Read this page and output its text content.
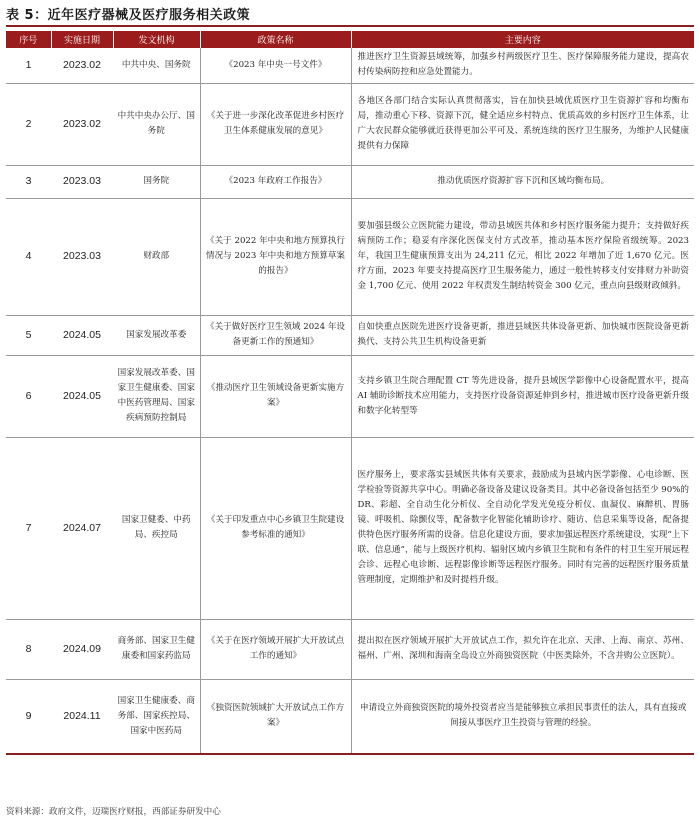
表 5：近年医疗器械及医疗服务相关政策
序号	实施日期	发文机构	政策名称	主要内容
1	2023.02	中共中央、国务院	《2023 年中央一号文件》	推进医疗卫生资源县域统筹，加强乡村两级医疗卫生、医疗保障服务能力建设，提高农村传染病防控和应急处置能力。
2	2023.02	中共中央办公厅、国务院	《关于进一步深化改革促进乡村医疗卫生体系健康发展的意见》	各地区各部门结合实际认真贯彻落实，旨在加快县域优质医疗卫生资源扩容和均衡布局，推动重心下移、资源下沉，健全适应乡村特点、优质高效的乡村医疗卫生体系，让广大农民群众能够就近获得更加公平可及、系统连续的医疗卫生服务，为维护人民健康提供有力保障
3	2023.03	国务院	《2023 年政府工作报告》	推动优质医疗资源扩容下沉和区域均衡布局。
4	2023.03	财政部	《关于 2022 年中央和地方预算执行情况与 2023 年中央和地方预算草案的报告》	要加强县级公立医院能力建设，带动县域医共体和乡村医疗服务能力提升；支持做好疾病预防工作；稳妥有序深化医保支付方式改革，推动基本医疗保险省级统筹。2023 年，我国卫生健康预算支出为 24,211 亿元，相比 2022 年增加了近 1,670 亿元。医疗方面，2023 年要支持提高医疗卫生服务能力，通过一般性转移支付安排财力补助资金 1,700 亿元、使用 2022 年权责发生制结转资金 300 亿元，重点向县级财政倾斜。
5	2024.05	国家发展改革委	《关于做好医疗卫生领域 2024 年设备更新工作的预通知》	自如快重点医院先进医疗设备更新，推进县域医共体设备更新、加快城市医院设备更新换代、支持公共卫生机构设备更新
6	2024.05	国家发展改革委、国家卫生健康委、国家中医药管理局、国家疾病预防控制局	《推动医疗卫生领域设备更新实施方案》	支持乡镇卫生院合理配置 CT 等先进设备，提升县域医学影像中心设备配置水平，提高 AI 辅助诊断技术应用能力，支持医疗设备资源延伸到乡村，推进城市医疗设备更新升级和数字化转型等
7	2024.07	国家卫健委、中药局、疾控局	《关于印发重点中心乡镇卫生院建设参考标准的通知》	医疗服务上，要求落实县域医共体有关要求，鼓励成为县域内医学影像、心电诊断、医学检验等资源共享中心。明确必备设备及建议设备类目。其中必备设备包括至少 90%的 DR、彩超、全自动生化分析仪、全自动化学发光免疫分析仪、血凝仪、麻醉机、胃肠镜、呼吸机、除颤仪等，配备数字化智能化辅助诊疗、随访、信息采集等设备，配备提供特色医疗服务所需的设备。信息化建设方面，要求加强远程医疗系统建设，实现“上下联、信息通”，能与上级医疗机构、辐射区域内乡镇卫生院和有条件的村卫生室开展远程会诊、远程心电诊断、远程影像诊断等远程医疗服务。同时有完善的远程医疗服务质量管理制度，定期维护和及时提档升级。
8	2024.09	商务部、国家卫生健康委和国家药监局	《关于在医疗领域开展扩大开放试点工作的通知》	提出拟在医疗领域开展扩大开放试点工作，拟允许在北京、天津、上海、南京、苏州、福州、广州、深圳和海南全岛设立外商独资医院（中医类除外，不含并购公立医院）。
9	2024.11	国家卫生健康委、商务部、国家疾控局、国家中医药局	《独资医院领域扩大开放试点工作方案》	申请设立外商独资医院的境外投资者应当是能够独立承担民事责任的法人，具有直接或间接从事医疗卫生投资与管理的经验。
资料来源：政府文件，迈瑞医疗财报，西部证券研发中心
